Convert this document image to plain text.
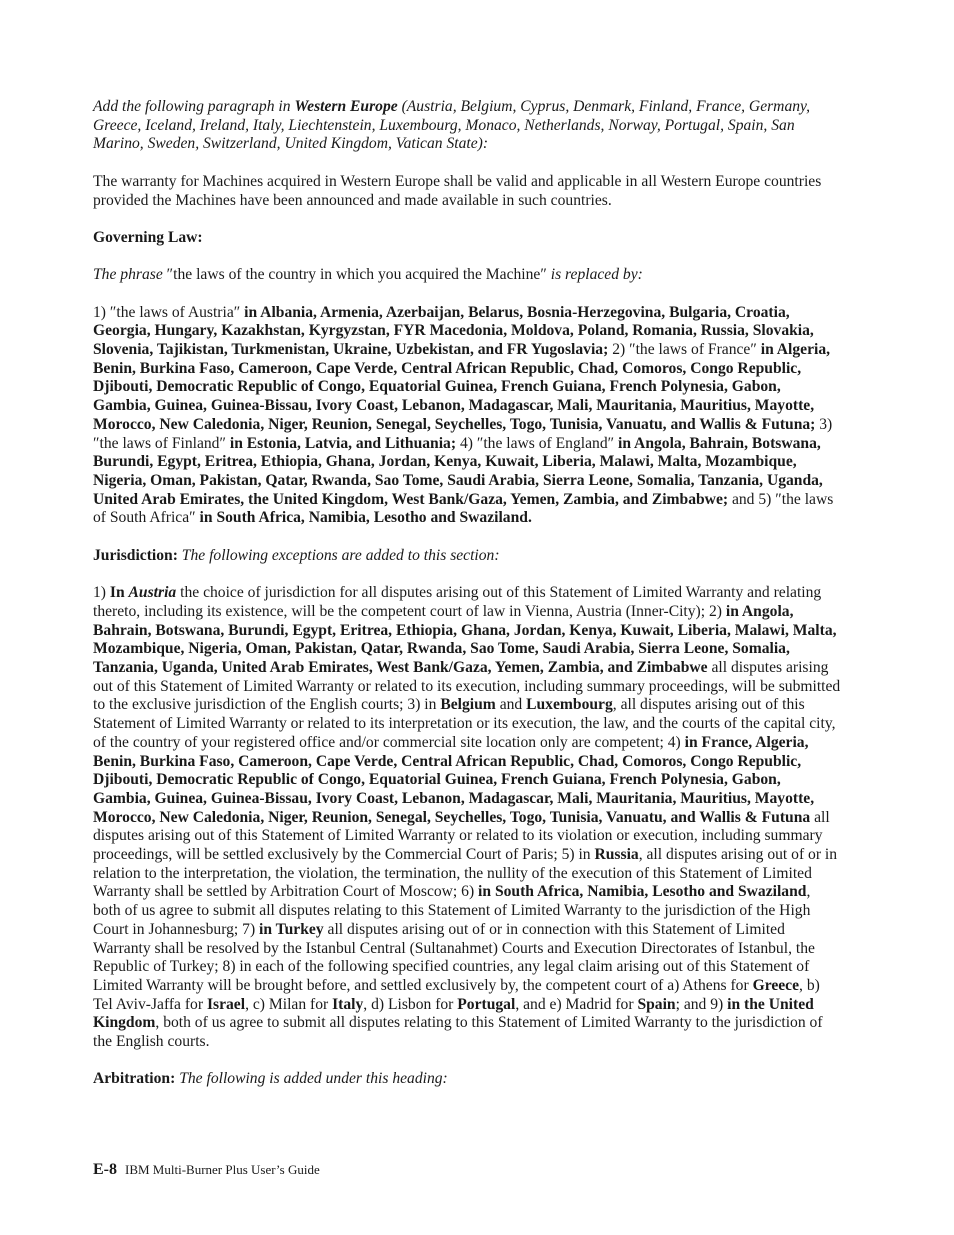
Add the following paragraph in Western Europe (Austria, Belgium, Cyprus, Denmark, Finland, France, Germany, Greece, Iceland, Ireland, Italy, Liechtenstein, Luxembourg, Monaco, Netherlands, Norway, Portugal, Spain, San Marino, Sweden, Switzerland, United Kingdom, Vatican State):

The warranty for Machines acquired in Western Europe shall be valid and applicable in all Western Europe countries provided the Machines have been announced and made available in such countries.

Governing Law:

The phrase ″the laws of the country in which you acquired the Machine″ is replaced by:

1) ″the laws of Austria″ in Albania, Armenia, Azerbaijan, Belarus, Bosnia-Herzegovina, Bulgaria, Croatia, Georgia, Hungary, Kazakhstan, Kyrgyzstan, FYR Macedonia, Moldova, Poland, Romania, Russia, Slovakia, Slovenia, Tajikistan, Turkmenistan, Ukraine, Uzbekistan, and FR Yugoslavia; 2) ″the laws of France″ in Algeria, Benin, Burkina Faso, Cameroon, Cape Verde, Central African Republic, Chad, Comoros, Congo Republic, Djibouti, Democratic Republic of Congo, Equatorial Guinea, French Guiana, French Polynesia, Gabon, Gambia, Guinea, Guinea-Bissau, Ivory Coast, Lebanon, Madagascar, Mali, Mauritania, Mauritius, Mayotte, Morocco, New Caledonia, Niger, Reunion, Senegal, Seychelles, Togo, Tunisia, Vanuatu, and Wallis & Futuna; 3) ″the laws of Finland″ in Estonia, Latvia, and Lithuania; 4) ″the laws of England″ in Angola, Bahrain, Botswana, Burundi, Egypt, Eritrea, Ethiopia, Ghana, Jordan, Kenya, Kuwait, Liberia, Malawi, Malta, Mozambique, Nigeria, Oman, Pakistan, Qatar, Rwanda, Sao Tome, Saudi Arabia, Sierra Leone, Somalia, Tanzania, Uganda, United Arab Emirates, the United Kingdom, West Bank/Gaza, Yemen, Zambia, and Zimbabwe; and 5) ″the laws of South Africa″ in South Africa, Namibia, Lesotho and Swaziland.

Jurisdiction: The following exceptions are added to this section:

1) In Austria the choice of jurisdiction for all disputes arising out of this Statement of Limited Warranty and relating thereto, including its existence, will be the competent court of law in Vienna, Austria (Inner-City); 2) in Angola, Bahrain, Botswana, Burundi, Egypt, Eritrea, Ethiopia, Ghana, Jordan, Kenya, Kuwait, Liberia, Malawi, Malta, Mozambique, Nigeria, Oman, Pakistan, Qatar, Rwanda, Sao Tome, Saudi Arabia, Sierra Leone, Somalia, Tanzania, Uganda, United Arab Emirates, West Bank/Gaza, Yemen, Zambia, and Zimbabwe all disputes arising out of this Statement of Limited Warranty or related to its execution, including summary proceedings, will be submitted to the exclusive jurisdiction of the English courts; 3) in Belgium and Luxembourg, all disputes arising out of this Statement of Limited Warranty or related to its interpretation or its execution, the law, and the courts of the capital city, of the country of your registered office and/or commercial site location only are competent; 4) in France, Algeria, Benin, Burkina Faso, Cameroon, Cape Verde, Central African Republic, Chad, Comoros, Congo Republic, Djibouti, Democratic Republic of Congo, Equatorial Guinea, French Guiana, French Polynesia, Gabon, Gambia, Guinea, Guinea-Bissau, Ivory Coast, Lebanon, Madagascar, Mali, Mauritania, Mauritius, Mayotte, Morocco, New Caledonia, Niger, Reunion, Senegal, Seychelles, Togo, Tunisia, Vanuatu, and Wallis & Futuna all disputes arising out of this Statement of Limited Warranty or related to its violation or execution, including summary proceedings, will be settled exclusively by the Commercial Court of Paris; 5) in Russia, all disputes arising out of or in relation to the interpretation, the violation, the termination, the nullity of the execution of this Statement of Limited Warranty shall be settled by Arbitration Court of Moscow; 6) in South Africa, Namibia, Lesotho and Swaziland, both of us agree to submit all disputes relating to this Statement of Limited Warranty to the jurisdiction of the High Court in Johannesburg; 7) in Turkey all disputes arising out of or in connection with this Statement of Limited Warranty shall be resolved by the Istanbul Central (Sultanahmet) Courts and Execution Directorates of Istanbul, the Republic of Turkey; 8) in each of the following specified countries, any legal claim arising out of this Statement of Limited Warranty will be brought before, and settled exclusively by, the competent court of a) Athens for Greece, b) Tel Aviv-Jaffa for Israel, c) Milan for Italy, d) Lisbon for Portugal, and e) Madrid for Spain; and 9) in the United Kingdom, both of us agree to submit all disputes relating to this Statement of Limited Warranty to the jurisdiction of the English courts.

Arbitration: The following is added under this heading:

E-8 IBM Multi-Burner Plus User’s Guide
